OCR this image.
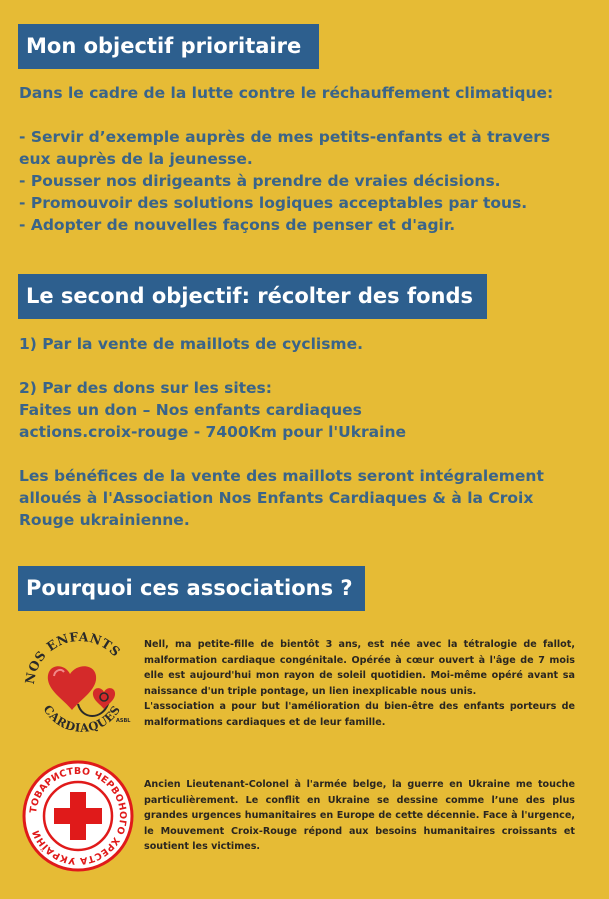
Mon objectif prioritaire

Dans le cadre de la lutte contre le réchauffement climatique:

- Servir d’exemple auprès de mes petits-enfants et à travers eux auprès de la jeunesse.

- Pousser nos dirigeants à prendre de vraies décisions.

- Promouvoir des solutions logiques acceptables par tous.

- Adopter de nouvelles façons de penser et d'agir.

Le second objectif: récolter des fonds

1) Par la vente de maillots de cyclisme.

2) Par des dons sur les sites:

Faites un don – Nos enfants cardiaques

actions.croix-rouge - 7400Km pour l'Ukraine

Les bénéfices de la vente des maillots seront intégralement alloués à l'Association Nos Enfants Cardiaques & à la Croix Rouge ukrainienne.

Pourquoi ces associations ?
NOS ENFANTS
CARDIAQUES
ASBL

Nell, ma petite-fille de bientôt 3 ans, est née avec la tétralogie de fallot, malformation cardiaque congénitale. Opérée à cœur ouvert à l'âge de 7 mois elle est aujourd'hui mon rayon de soleil quotidien. Moi-même opéré avant sa naissance d'un triple pontage, un lien inexplicable nous unis.

L'association a pour but l'amélioration du bien-être des enfants porteurs de malformations cardiaques et de leur famille.

ТОВАРИСТВО ЧЕРВОНОГО ХРЕСТА УКРАЇНИ

Ancien Lieutenant-Colonel à l'armée belge, la guerre en Ukraine me touche particulièrement. Le conflit en Ukraine se dessine comme l’une des plus grandes urgences humanitaires en Europe de cette décennie. Face à l'urgence, le Mouvement Croix-Rouge répond aux besoins humanitaires croissants et soutient les victimes.
